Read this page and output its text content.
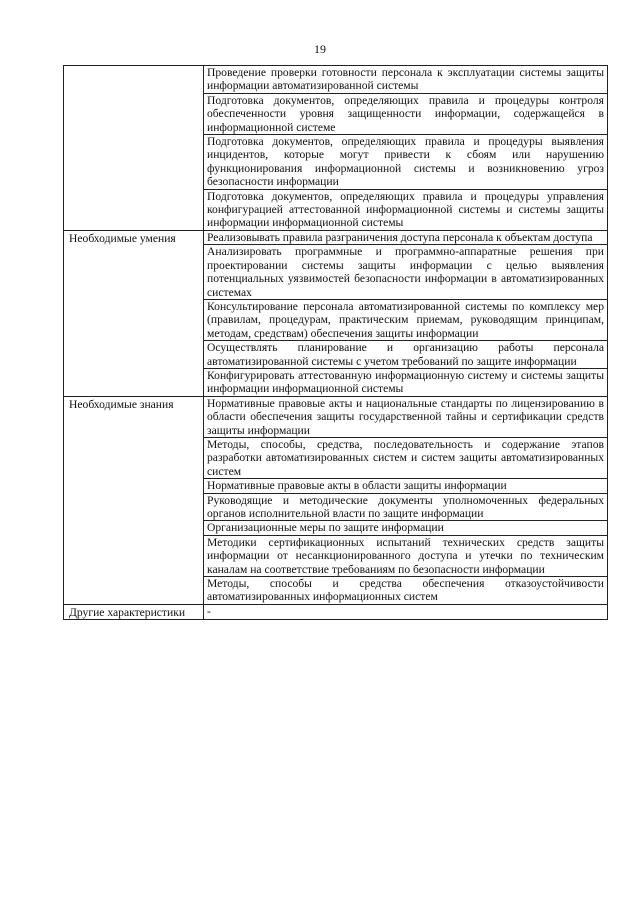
19

	Проведение проверки готовности персонала к эксплуатации системы защиты информации автоматизированной системы

	Подготовка документов, определяющих правила и процедуры контроля обеспеченности уровня защищенности информации, содержащейся в информационной системе

	Подготовка документов, определяющих правила и процедуры выявления инцидентов, которые могут привести к сбоям или нарушению функционирования информационной системы и возникновению угроз безопасности информации

	Подготовка документов, определяющих правила и процедуры управления конфигурацией аттестованной информационной системы и системы защиты информации информационной системы

Необходимые умения	Реализовывать правила разграничения доступа персонала к объектам доступа

	Анализировать программные и программно-аппаратные решения при проектировании системы защиты информации с целью выявления потенциальных уязвимостей безопасности информации в автоматизированных системах

	Консультирование персонала автоматизированной системы по комплексу мер (правилам, процедурам, практическим приемам, руководящим принципам, методам, средствам) обеспечения защиты информации

	Осуществлять планирование и организацию работы персонала автоматизированной системы с учетом требований по защите информации

	Конфигурировать аттестованную информационную систему и системы защиты информации информационной системы

Необходимые знания	Нормативные правовые акты и национальные стандарты по лицензированию в области обеспечения защиты государственной тайны и сертификации средств защиты информации

	Методы, способы, средства, последовательность и содержание этапов разработки автоматизированных систем и систем защиты автоматизированных систем

	Нормативные правовые акты в области защиты информации

	Руководящие и методические документы уполномоченных федеральных органов исполнительной власти по защите информации

	Организационные меры по защите информации

	Методики сертификационных испытаний технических средств защиты информации от несанкционированного доступа и утечки по техническим каналам на соответствие требованиям по безопасности информации

	Методы, способы и средства обеспечения отказоустойчивости автоматизированных информационных систем

Другие характеристики	-
